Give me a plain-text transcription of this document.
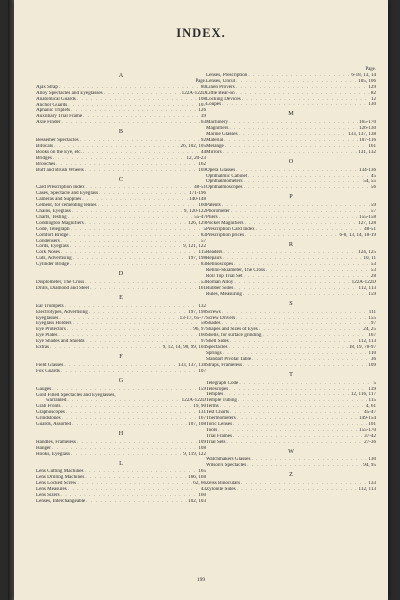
INDEX.
A
Page.
Ajax Strap . . .	80
Alloy Spectacles and Eyeglasses . . .	122A-122D
Anatomical Guards . . .	108
Anchor Guards . . .	107
Aphanic Triplets . . .	126
Auxilliary Trial Frame . . .	39
Axle Finder . . .	63
B
Bessemer Spectacles . . .	92
Bifocals . . .	26, 102, 105
Books on the Eye, etc. . . .	44
Bridges . . .	12, 20-23
Brooches . . .	162
Buff and Brush Wheels . . .	169
C
Card Prescription Index . . .	48-51
Cases, Spectacle and Eyeglass . . .	171-196
Cameras and Supplies . . .	140-148
Cement, for cementing lenses . . .	160
Chains, Eyeglass . . .	9, 120-122
Charts, Testing . . .	55-47
Coddington Magnifiers . . .	126, 129
Code, Telegraph . . .	5
Comfort Bridge . . .	83
Condensers . . .	57
Cords, Eyeglass . . .	9, 121, 122
Cork Noses . . .	115
Cuts, Advertising . . .	197, 198
Cylinder Bridge . . .	83
D
Displometer, The Cross . . .	53
Drills, Diamond and Steel . . .	161
E
Ear Trumpets . . .	132
Electrotypes, Advertising . . .	197, 198
Eyeglasses . . .	13-17, 65-77
Eyeglass Holders . . .	58
Eye Protectors . . .	96, 97
Eye Plates . . .	160
Eye Shades and Shields . . .	97
Extras . . .	9, 12, 14, 98, 99, 104
F
Field Glasses . . .	133, 137, 138
Fox Guards . . .	107
G
Gauges . . .	159
Gold Filled Spectacles and Eyeglasses,
warranted . . .	122A-122D
Grab Fronts . . .	19, 90
Graphoscopes . . .	131
Grindstones . . .	167
Guards, Assorted . . .	107, 108
H
Handles, Frameless . . .	109
Hanger . . .	108
Hooks, Eyeglass . . .	9, 119, 122
L
Lens Cutting Machines . . .	165
Lens Drilling Machines . . .	166, 168
Lens Locked Screw . . .	62, 66
Lens Measures . . .	43
Lens Sizers . . .	160
Lenses, Interchangeable . . .	102, 103
Page.
Lenses, Prescription . . .	6-18, 13, 14
Lenses, Uncut . . .	105, 106
Linen Provers . . .	129
Little Bear-on . . .	82
Locking Devices . . .	12
Loupes . . .	130
M
Machinery . . .	165-170
Magnifiers . . .	126-130
Marine Glasses . . .	133, 137, 138
Material . . .	107-116
Melange . . .	161
Mirrors . . .	131, 132
O
Opera Glasses . . .	134-136
Ophthalmic Cabinet . . .	45
Ophthalmometers . . .	54, 55
Ophthalmoscopes . . .	56
P
Patents . . .	59
Phorometer . . .	57
Pliers . . .	155-158
Pocket Magnifiers . . .	127, 128
Prescription Card Index . . .	48-51
Prescription prices . . .	6-8, 13, 14, 18-19
R
Readers . . .	124, 125
Repairs . . .	10, 11
Retinoscopes . . .	53
Retino-Skiameter, The Cross . . .	53
Roll Top Trial Set . . .	28
Roman Alloy . . .	122A-122D
Rubber Sides . . .	112, 113
Rules, Measuring . . .	159
S
Screws . . .	111
Screw Drivers . . .	155
Shades . . .	97
Shapes and Sizes of Eyes . . .	24, 25
Shells, for surface grinding . . .	167
Shell Sides . . .	112, 113
Spectacles . . .	18, 19, 78-97
Springs . . .	110
Standart Pivotal Table . . .	36
Straps, Frameless . . .	109
T
Telegraph Code . . .	5
Telescopes . . .	139
Temples . . .	12, 116, 117
Temple Tubing . . .	115
Terms . . .	4, 61
Test Charts . . .	45-47
Thermometers . . .	149-154
Toric Lenses . . .	101
Tools . . .	155-170
Trial Frames . . .	37-42
Trial Sets . . .	27-36
W
Watchmakers Glasses . . .	130
Wilson's Spectacles . . .	94, 95
Z
Zeiss Binoculars . . .	133
Zylonite Sides . . .	112, 113
199
